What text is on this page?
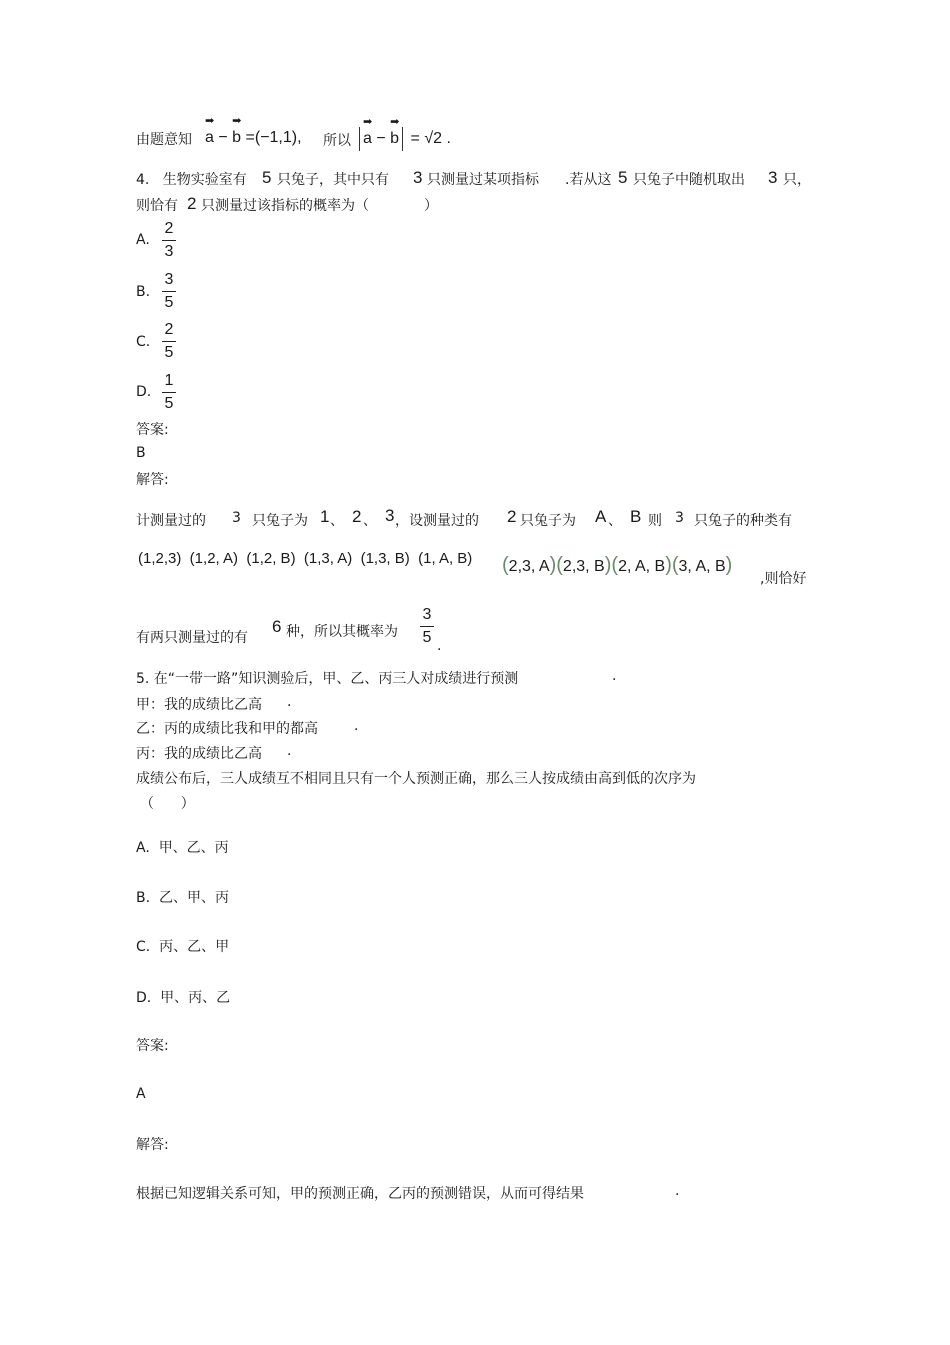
由题意知
➡
a −
➡
b =(−1,1), 所以
➡
a −
➡
b = √2 .
4. 生物实验室有 5 只兔子，其中只有 3 只测量过某项指标 .若从这 5 只兔子中随机取出 3 只，
则恰有 2 只测量过该指标的概率为（	）
A.
2
3
B.
3
5
C.
2
5
D.
1
5
答案:
B
解答:
计测量过的 3 只兔子为 1 、 2 、 3 ，设测量过的 2 只兔子为 A 、 B 则 3 只兔子的种类有
(1,2,3)  (1,2, A)  (1,2, B)  (1,3, A)  (1,3, B)  (1, A, B) (2,3, A)(2,3, B)(2, A, B)(3, A, B)
,则恰好
有两只测量过的有
6 种，所以其概率为
3
5 .
5. 在“一带一路”知识测验后，甲、乙、丙三人对成绩进行预测	.
甲：我的成绩比乙高 .
乙：丙的成绩比我和甲的都高	.
丙：我的成绩比乙高 .
成绩公布后，三人成绩互不相同且只有一个人预测正确，那么三人按成绩由高到低的次序为
（      ）
A. 甲、乙、丙
B. 乙、甲、丙
C. 丙、乙、甲
D. 甲、丙、乙
答案:
A
解答:
根据已知逻辑关系可知，甲的预测正确，乙丙的预测错误，从而可得结果	.
